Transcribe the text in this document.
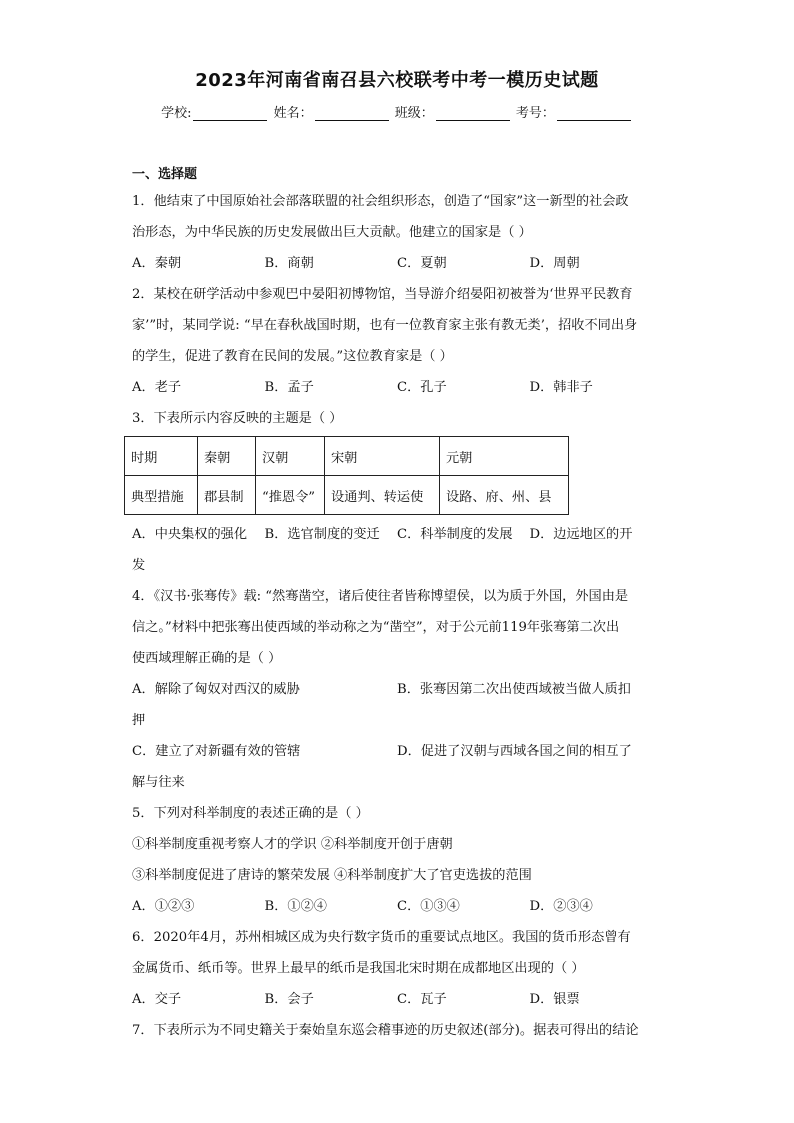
2023年河南省南召县六校联考中考一模历史试题
学校:	姓名：	班级：	考号：
一、选择题
1．他结束了中国原始社会部落联盟的社会组织形态，创造了“国家”这一新型的社会政
治形态，为中华民族的历史发展做出巨大贡献。他建立的国家是（ ）
A．秦朝	B．商朝	C．夏朝	D．周朝
2．某校在研学活动中参观巴中晏阳初博物馆，当导游介绍晏阳初被誉为‘世界平民教育
家’”时，某同学说: “早在春秋战国时期，也有一位教育家主张有教无类’，招收不同出身
的学生，促进了教育在民间的发展。”这位教育家是（ ）
A．老子	B．孟子	C．孔子	D．韩非子
3．下表所示内容反映的主题是（ ）
时期	秦朝	汉朝	宋朝	元朝
典型措施	郡县制	“推恩令”	设通判、转运使	设路、府、州、县
A．中央集权的强化	B．选官制度的变迁	C．科举制度的发展	D．边远地区的开
发
4．《汉书·张骞传》载: “然骞凿空，诸后使往者皆称博望侯，以为质于外国，外国由是
信之。”材料中把张骞出使西域的举动称之为“凿空”，对于公元前119年张骞第二次出
使西域理解正确的是（ ）
A．解除了匈奴对西汉的威胁	B．张骞因第二次出使西域被当做人质扣
押
C．建立了对新疆有效的管辖	D．促进了汉朝与西域各国之间的相互了
解与往来
5．下列对科举制度的表述正确的是（ ）
①科举制度重视考察人才的学识 ②科举制度开创于唐朝
③科举制度促进了唐诗的繁荣发展 ④科举制度扩大了官吏选拔的范围
A．①②③	B．①②④	C．①③④	D．②③④
6．2020年4月，苏州相城区成为央行数字货币的重要试点地区。我国的货币形态曾有
金属货币、纸币等。世界上最早的纸币是我国北宋时期在成都地区出现的（ ）
A．交子	B．会子	C．瓦子	D．银票
7．下表所示为不同史籍关于秦始皇东巡会稽事迹的历史叙述(部分)。据表可得出的结论
